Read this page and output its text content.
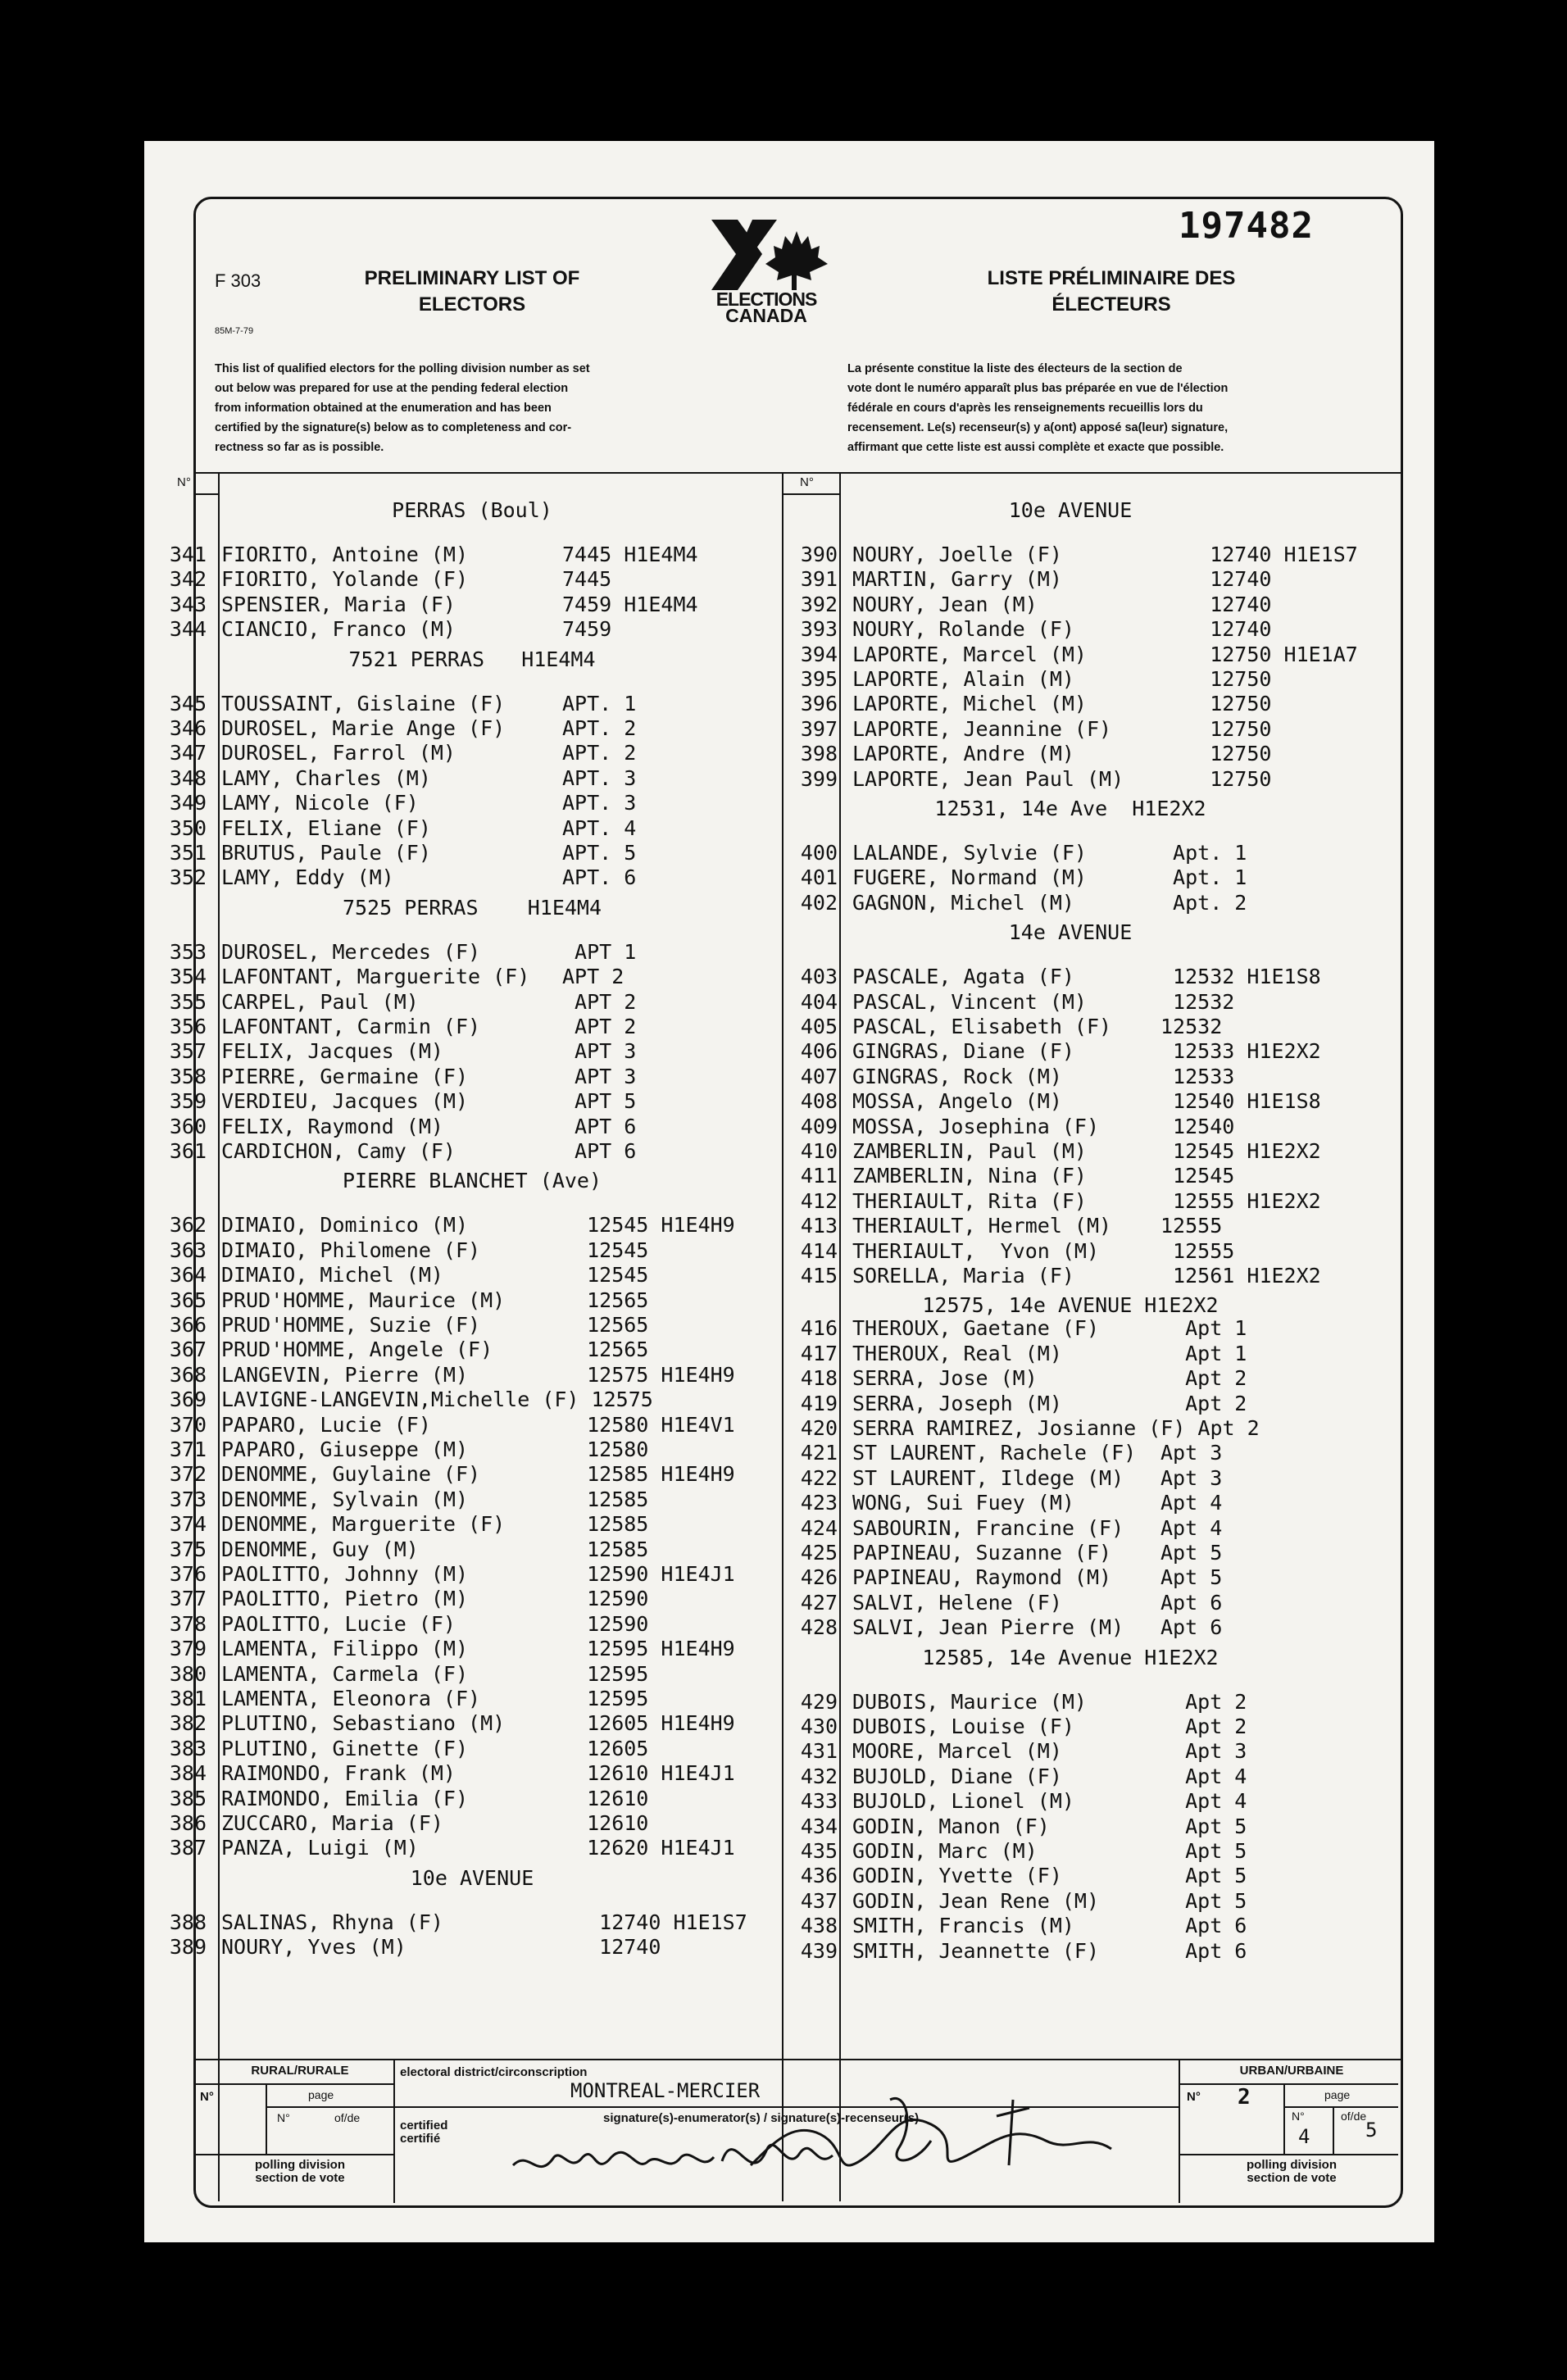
197482
F 303
85M-7-79
PRELIMINARY LIST OF
ELECTORS	ELECTIONS
CANADA
LISTE PRÉLIMINAIRE DES
ÉLECTEURS
This list of qualified electors for the polling division number as set
out below was prepared for use at the pending federal election
from information obtained at the enumeration and has been
certified by the signature(s) below as to completeness and cor-
rectness so far as is possible.
La présente constitue la liste des électeurs de la section de
vote dont le numéro apparaît plus bas préparée en vue de l'élection
fédérale en cours d'après les renseignements recueillis lors du
recensement. Le(s) recenseur(s) y a(ont) apposé sa(leur) signature,
affirmant que cette liste est aussi complète et exacte que possible.
N°	N°
PERRAS (Boul)
341 FIORITO, Antoine (M)	7445 H1E4M4
342 FIORITO, Yolande (F)	7445
343 SPENSIER, Maria (F)	7459 H1E4M4
344 CIANCIO, Franco (M)	7459
7521 PERRAS   H1E4M4
345 TOUSSAINT, Gislaine (F)	APT. 1
346 DUROSEL, Marie Ange (F)	APT. 2
347 DUROSEL, Farrol (M)	APT. 2
348 LAMY, Charles (M)	APT. 3
349 LAMY, Nicole (F)	APT. 3
350 FELIX, Eliane (F)	APT. 4
351 BRUTUS, Paule (F)	APT. 5
352 LAMY, Eddy (M)	APT. 6
7525 PERRAS    H1E4M4
353 DUROSEL, Mercedes (F)	APT 1
354 LAFONTANT, Marguerite (F) APT 2
355 CARPEL, Paul (M)	APT 2
356 LAFONTANT, Carmin (F)	APT 2
357 FELIX, Jacques (M)	APT 3
358 PIERRE, Germaine (F)	APT 3
359 VERDIEU, Jacques (M)	APT 5
360 FELIX, Raymond (M)	APT 6
361 CARDICHON, Camy (F)	APT 6
PIERRE BLANCHET (Ave)
362 DIMAIO, Dominico (M)	12545 H1E4H9
363 DIMAIO, Philomene (F)	12545
364 DIMAIO, Michel (M)	12545
365 PRUD'HOMME, Maurice (M)	12565
366 PRUD'HOMME, Suzie (F)	12565
367 PRUD'HOMME, Angele (F)	12565
368 LANGEVIN, Pierre (M)	12575 H1E4H9
369 LAVIGNE-LANGEVIN,Michelle (F) 12575
370 PAPARO, Lucie (F)	12580 H1E4V1
371 PAPARO, Giuseppe (M)	12580
372 DENOMME, Guylaine (F)	12585 H1E4H9
373 DENOMME, Sylvain (M)	12585
374 DENOMME, Marguerite (F)	12585
375 DENOMME, Guy (M)	12585
376 PAOLITTO, Johnny (M)	12590 H1E4J1
377 PAOLITTO, Pietro (M)	12590
378 PAOLITTO, Lucie (F)	12590
379 LAMENTA, Filippo (M)	12595 H1E4H9
380 LAMENTA, Carmela (F)	12595
381 LAMENTA, Eleonora (F)	12595
382 PLUTINO, Sebastiano (M)	12605 H1E4H9
383 PLUTINO, Ginette (F)	12605
384 RAIMONDO, Frank (M)	12610 H1E4J1
385 RAIMONDO, Emilia (F)	12610
386 ZUCCARO, Maria (F)	12610
387 PANZA, Luigi (M)	12620 H1E4J1
10e AVENUE
388 SALINAS, Rhyna (F)	12740 H1E1S7
389 NOURY, Yves (M)	12740
10e AVENUE
390 NOURY, Joelle (F)	12740 H1E1S7
391 MARTIN, Garry (M)	12740
392 NOURY, Jean (M)	12740
393 NOURY, Rolande (F)	12740
394 LAPORTE, Marcel (M)	12750 H1E1A7
395 LAPORTE, Alain (M)	12750
396 LAPORTE, Michel (M)	12750
397 LAPORTE, Jeannine (F) 12750
398 LAPORTE, Andre (M)	12750
399 LAPORTE, Jean Paul (M) 12750
12531, 14e Ave  H1E2X2
400 LALANDE, Sylvie (F)	Apt. 1
401 FUGERE, Normand (M)	Apt. 1
402 GAGNON, Michel (M)	Apt. 2
14e AVENUE
403 PASCALE, Agata (F)	12532 H1E1S8
404 PASCAL, Vincent (M)	12532
405 PASCAL, Elisabeth (F) 12532
406 GINGRAS, Diane (F)	12533 H1E2X2
407 GINGRAS, Rock (M)	12533
408 MOSSA, Angelo (M)	12540 H1E1S8
409 MOSSA, Josephina (F)	12540
410 ZAMBERLIN, Paul (M)	12545 H1E2X2
411 ZAMBERLIN, Nina (F)	12545
412 THERIAULT, Rita (F)	12555 H1E2X2
413 THERIAULT, Hermel (M) 12555
414 THERIAULT,  Yvon (M)	12555
415 SORELLA, Maria (F)	12561 H1E2X2
12575, 14e AVENUE H1E2X2
416 THEROUX, Gaetane (F)	Apt 1
417 THEROUX, Real (M)	Apt 1
418 SERRA, Jose (M)	Apt 2
419 SERRA, Joseph (M)	Apt 2
420 SERRA RAMIREZ, Josianne (F) Apt 2
421 ST LAURENT, Rachele (F) Apt 3
422 ST LAURENT, Ildege (M) Apt 3
423 WONG, Sui Fuey (M)	Apt 4
424 SABOURIN, Francine (F) Apt 4
425 PAPINEAU, Suzanne (F) Apt 5
426 PAPINEAU, Raymond (M) Apt 5
427 SALVI, Helene (F)	Apt 6
428 SALVI, Jean Pierre (M) Apt 6
12585, 14e Avenue H1E2X2
429 DUBOIS, Maurice (M)	Apt 2
430 DUBOIS, Louise (F)	Apt 2
431 MOORE, Marcel (M)	Apt 3
432 BUJOLD, Diane (F)	Apt 4
433 BUJOLD, Lionel (M)	Apt 4
434 GODIN, Manon (F)	Apt 5
435 GODIN, Marc (M)	Apt 5
436 GODIN, Yvette (F)	Apt 5
437 GODIN, Jean Rene (M)	Apt 5
438 SMITH, Francis (M)	Apt 6
439 SMITH, Jeannette (F)	Apt 6
RURAL/RURALE
N°	page
N°	of/de
polling division
section de vote
electoral district/circonscription
MONTREAL-MERCIER
signature(s)-enumerator(s) / signature(s)-recenseur(s)
certified
certifié
URBAN/URBAINE
N° 2	page
N°
4
of/de
5
polling division
section de vote
